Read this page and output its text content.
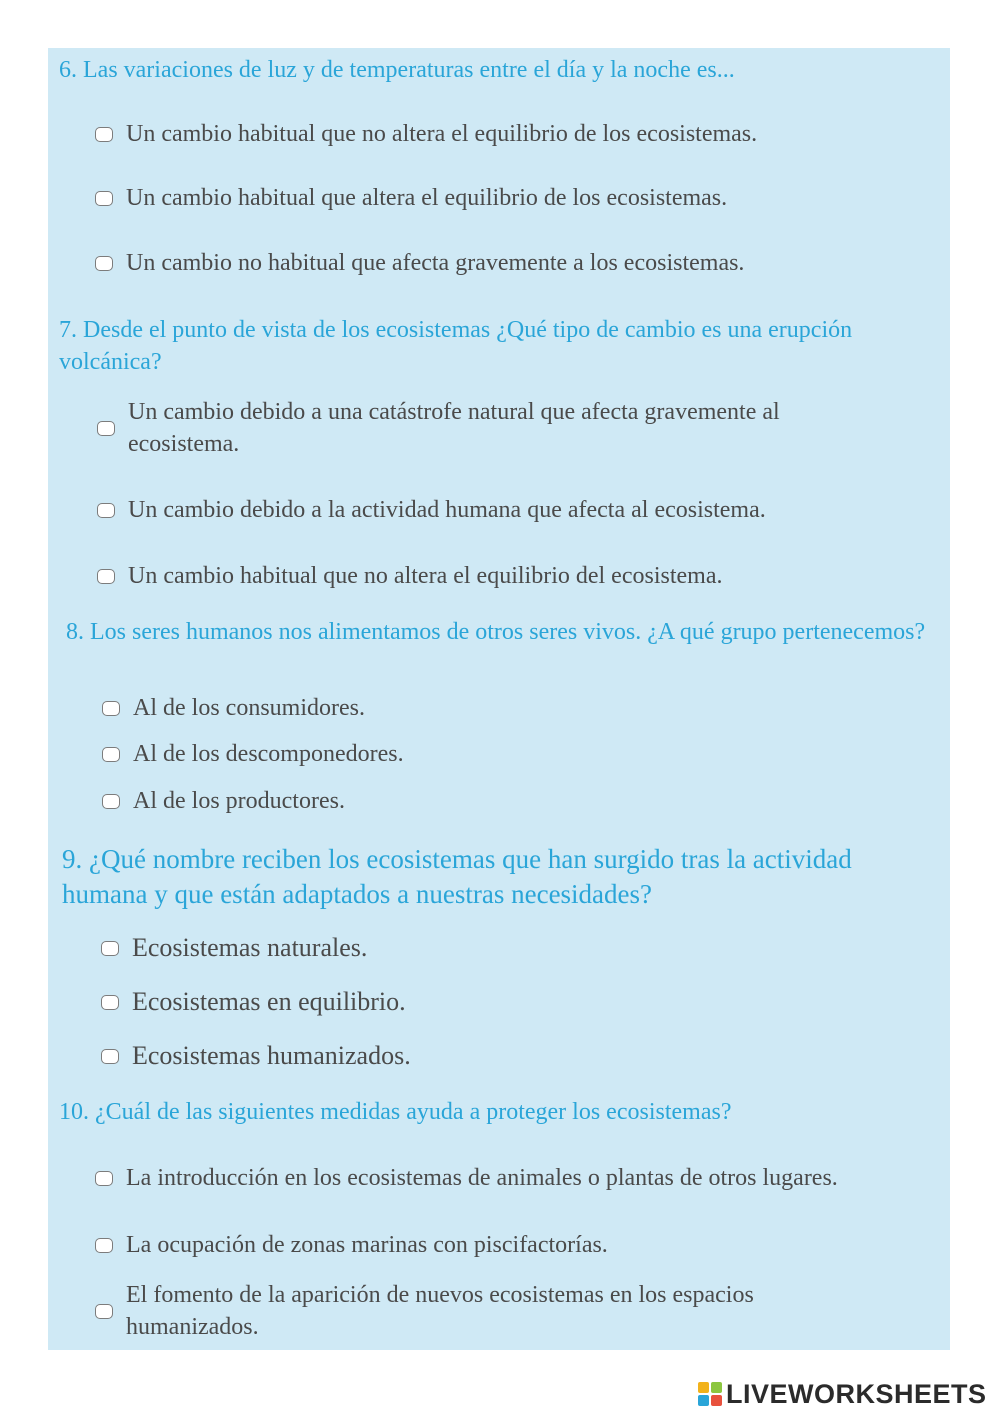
6. Las variaciones de luz y de temperaturas entre el día y la noche es...
Un cambio habitual que no altera el equilibrio de los ecosistemas.
Un cambio habitual que altera el equilibrio de los ecosistemas.
Un cambio no habitual que afecta gravemente a los ecosistemas.
7. Desde el punto de vista de los ecosistemas ¿Qué tipo de cambio es una erupción volcánica?
Un cambio debido a una catástrofe natural que afecta gravemente al ecosistema.
Un cambio debido a la actividad humana que afecta al ecosistema.
Un cambio habitual que no altera el equilibrio del ecosistema.
8. Los seres humanos nos alimentamos de otros seres vivos. ¿A qué grupo pertenecemos?
Al de los consumidores.
Al de los descomponedores.
Al de los productores.
9. ¿Qué nombre reciben los ecosistemas que han surgido tras la actividad humana y que están adaptados a nuestras necesidades?
Ecosistemas naturales.
Ecosistemas en equilibrio.
Ecosistemas humanizados.
10. ¿Cuál de las siguientes medidas ayuda a proteger los ecosistemas?
La introducción en los ecosistemas de animales o plantas de otros lugares.
La ocupación de zonas marinas con piscifactorías.
El fomento de la aparición de nuevos ecosistemas en los espacios humanizados.
LIVEWORKSHEETS
